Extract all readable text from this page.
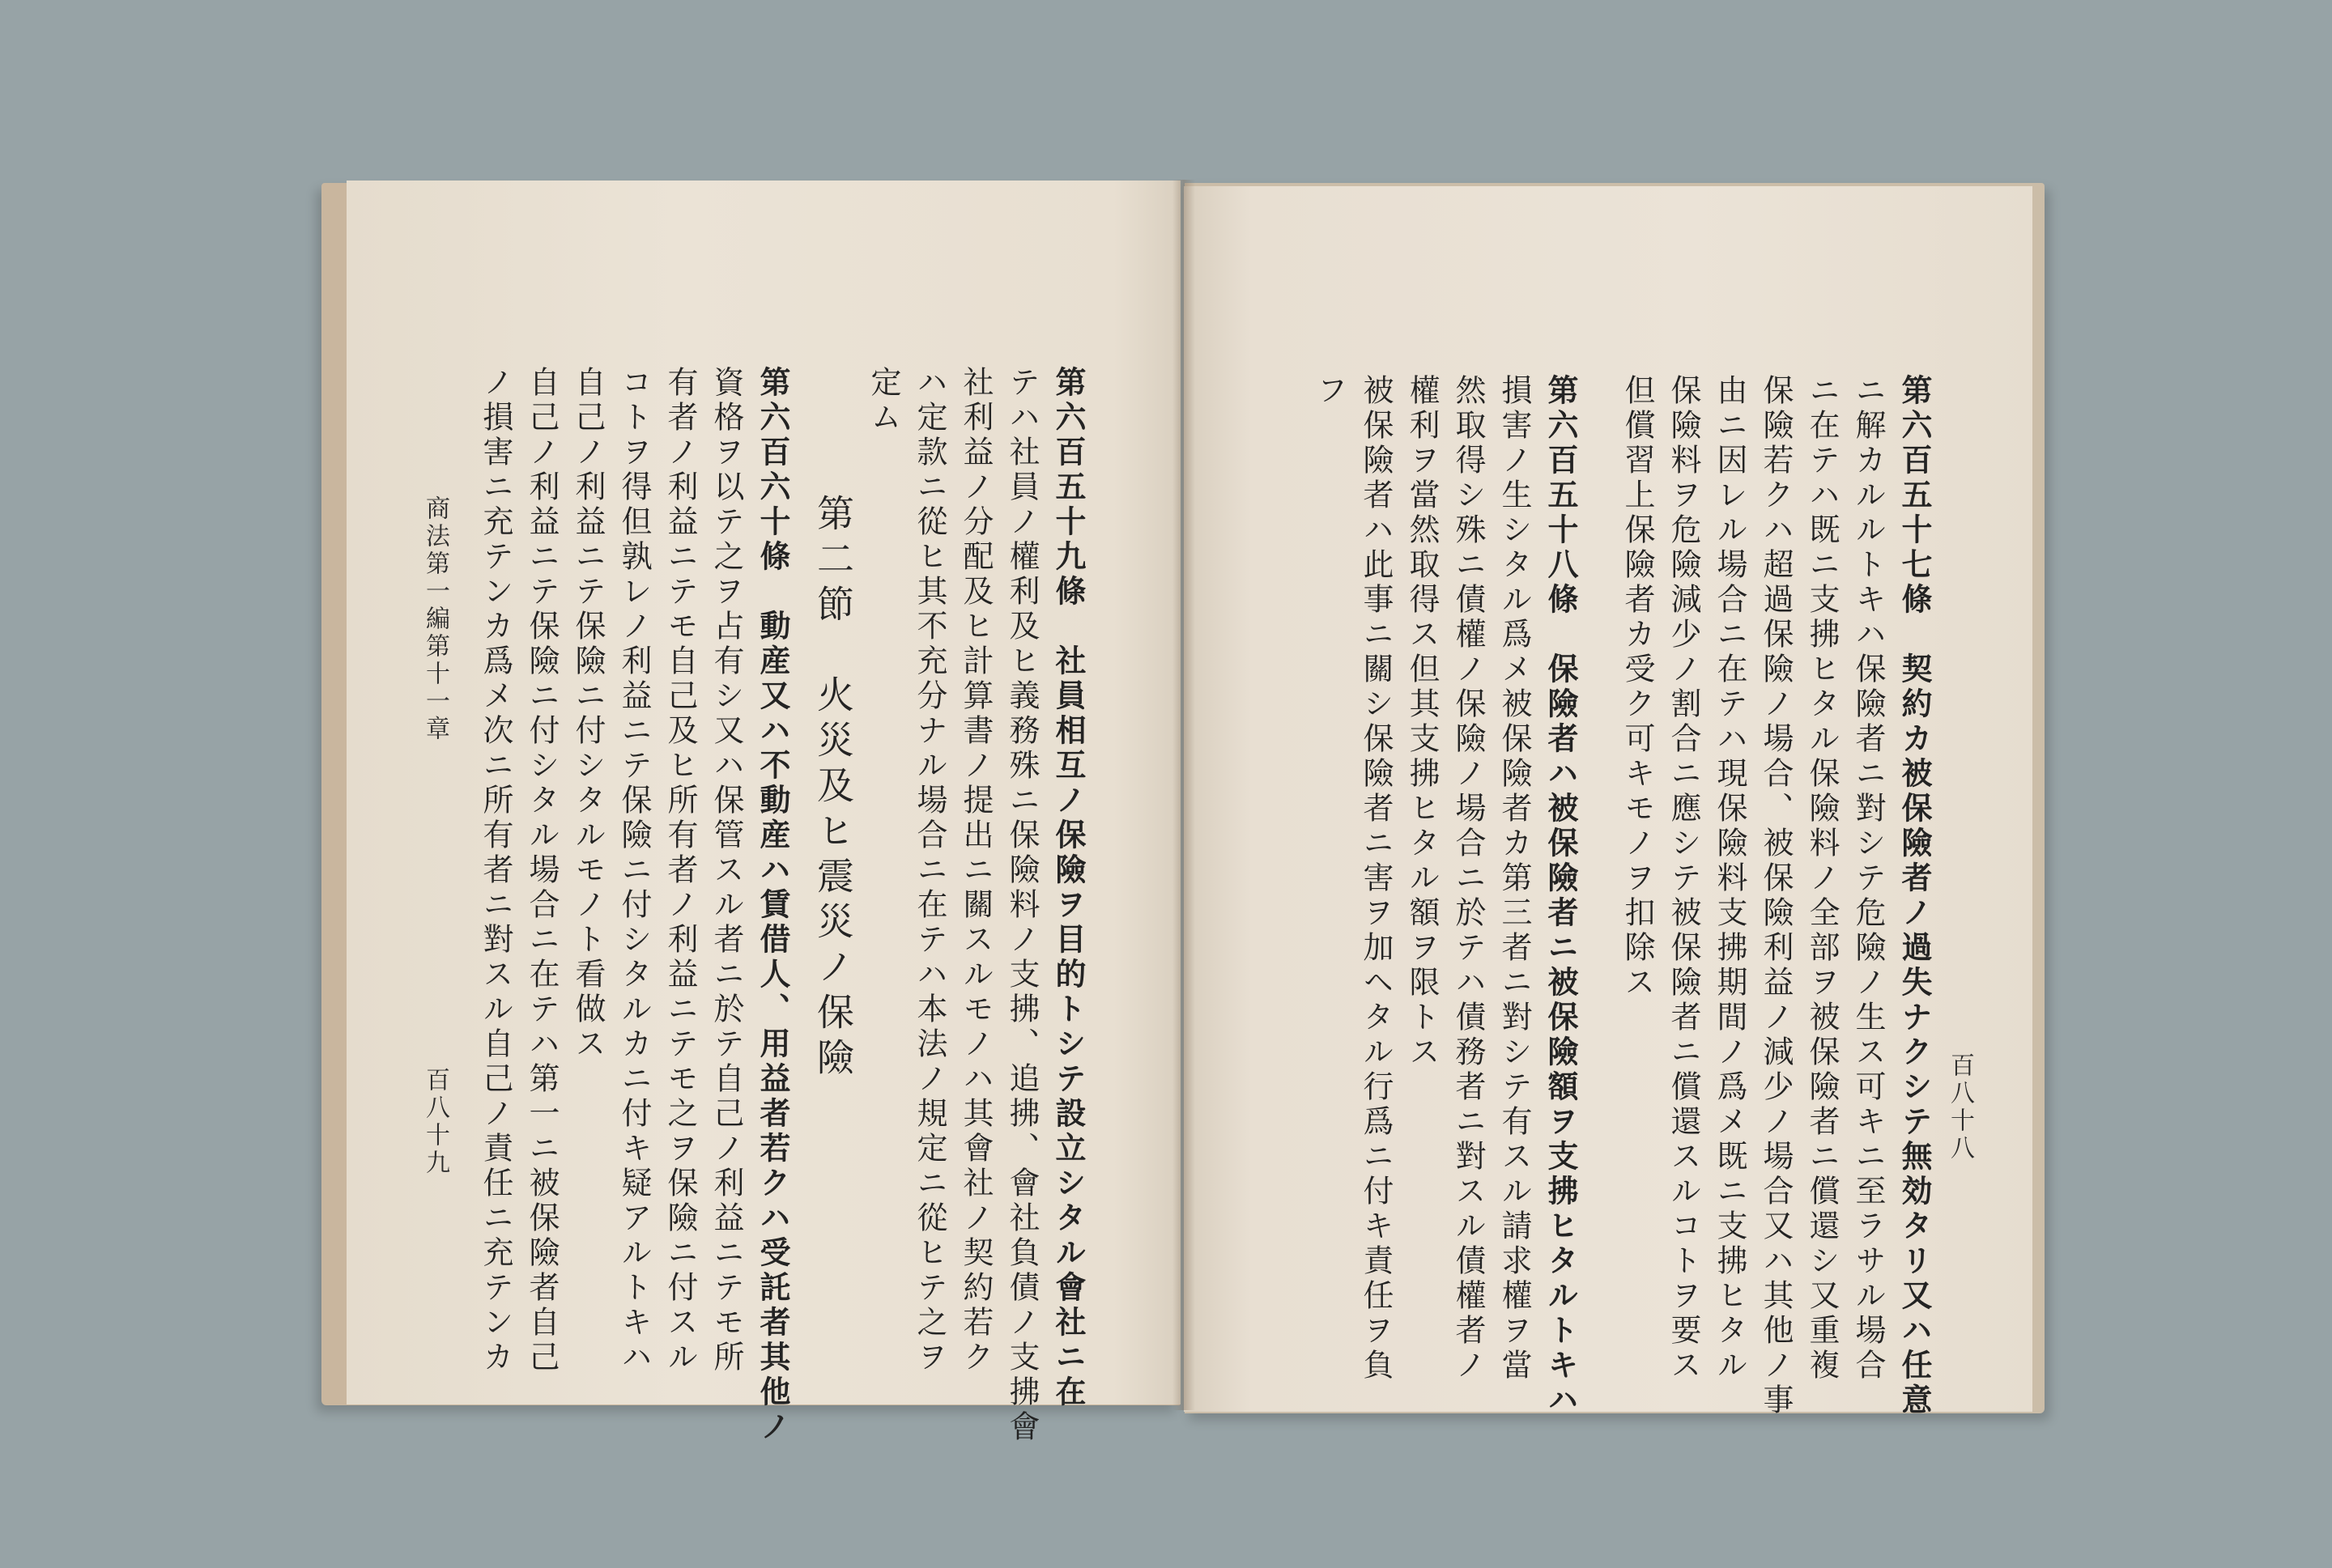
百八十八
第六百五十七條　契約カ被保險者ノ過失ナクシテ無効タリ又ハ任意
ニ解カルルトキハ保險者ニ對シテ危險ノ生ス可キニ至ラサル場合
ニ在テハ既ニ支拂ヒタル保險料ノ全部ヲ被保險者ニ償還シ又重複
保險若クハ超過保險ノ場合、被保險利益ノ減少ノ場合又ハ其他ノ事
由ニ因レル場合ニ在テハ現保險料支拂期間ノ爲メ既ニ支拂ヒタル
保險料ヲ危險減少ノ割合ニ應シテ被保險者ニ償還スルコトヲ要ス
但償習上保險者カ受ク可キモノヲ扣除ス
第六百五十八條　保險者ハ被保險者ニ被保險額ヲ支拂ヒタルトキハ
損害ノ生シタル爲メ被保險者カ第三者ニ對シテ有スル請求權ヲ當
然取得シ殊ニ債權ノ保險ノ場合ニ於テハ債務者ニ對スル債權者ノ
權利ヲ當然取得ス但其支拂ヒタル額ヲ限トス
被保險者ハ此事ニ關シ保險者ニ害ヲ加ヘタル行爲ニ付キ責任ヲ負
フ
第六百五十九條　社員相互ノ保險ヲ目的トシテ設立シタル會社ニ在
テハ社員ノ權利及ヒ義務殊ニ保險料ノ支拂、追拂、會社負債ノ支拂會
社利益ノ分配及ヒ計算書ノ提出ニ關スルモノハ其會社ノ契約若ク
ハ定款ニ從ヒ其不充分ナル場合ニ在テハ本法ノ規定ニ從ヒテ之ヲ
定ム
第二節　火災及ヒ震災ノ保險
第六百六十條　動産又ハ不動産ハ賃借人、用益者若クハ受託者其他ノ
資格ヲ以テ之ヲ占有シ又ハ保管スル者ニ於テ自己ノ利益ニテモ所
有者ノ利益ニテモ自己及ヒ所有者ノ利益ニテモ之ヲ保險ニ付スル
コトヲ得但孰レノ利益ニテ保險ニ付シタルカニ付キ疑アルトキハ
自己ノ利益ニテ保險ニ付シタルモノト看做ス
自己ノ利益ニテ保險ニ付シタル場合ニ在テハ第一ニ被保險者自己
ノ損害ニ充テンカ爲メ次ニ所有者ニ對スル自己ノ責任ニ充テンカ
商法第一編第十一章
百八十九
